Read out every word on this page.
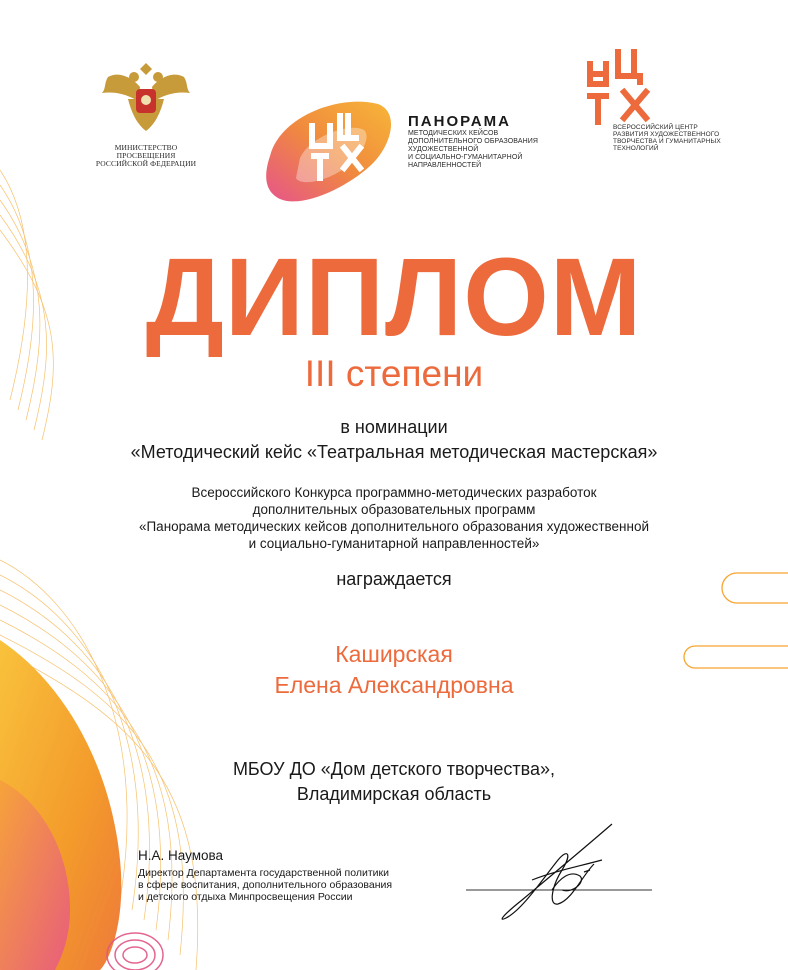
МИНИСТЕРСТВО ПРОСВЕЩЕНИЯ
РОССИЙСКОЙ ФЕДЕРАЦИИ
ПАНОРАМА
МЕТОДИЧЕСКИХ КЕЙСОВ
ДОПОЛНИТЕЛЬНОГО ОБРАЗОВАНИЯ
ХУДОЖЕСТВЕННОЙ
И СОЦИАЛЬНО-ГУМАНИТАРНОЙ
НАПРАВЛЕННОСТЕЙ
ВСЕРОССИЙСКИЙ ЦЕНТР
РАЗВИТИЯ ХУДОЖЕСТВЕННОГО
ТВОРЧЕСТВА И ГУМАНИТАРНЫХ
ТЕХНОЛОГИЙ
ДИПЛОМ
III степени
в номинации
«Методический кейс «Театральная методическая мастерская»
Всероссийского Конкурса программно-методических разработок
дополнительных образовательных программ
«Панорама методических кейсов дополнительного образования художественной
и социально-гуманитарной направленностей»
награждается
Каширская
Елена Александровна
МБОУ ДО «Дом детского творчества»,
Владимирская область
Н.А. Наумова
Директор Департамента государственной политики
в сфере воспитания, дополнительного образования
и детского отдыха Минпросвещения России
